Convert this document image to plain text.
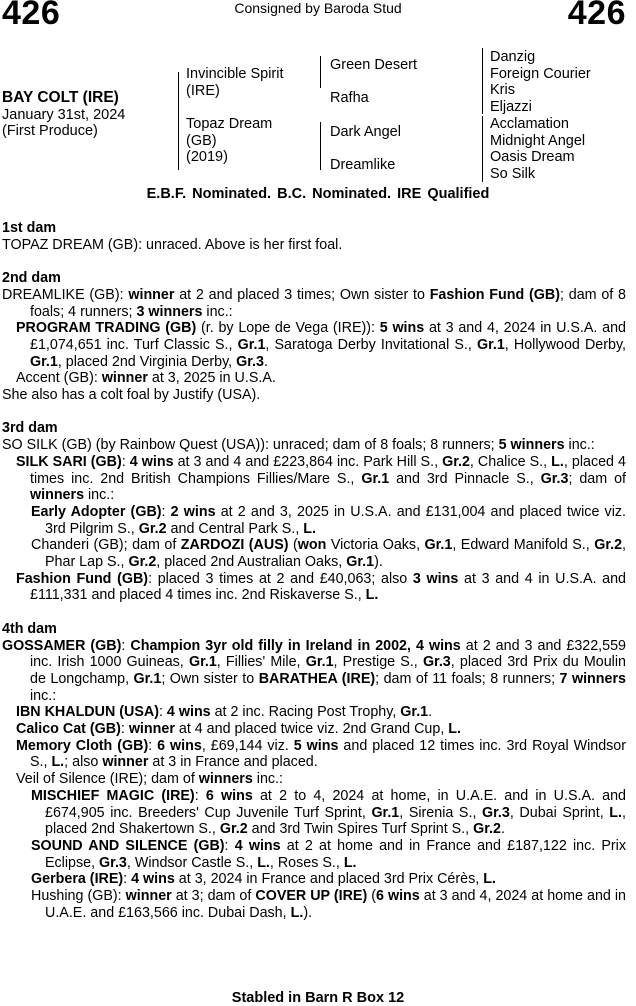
426	Consigned by Baroda Stud	426
BAY COLT (IRE)
January 31st, 2024
(First Produce)
Invincible Spirit
(IRE)
Topaz Dream
(GB)
(2019)
Green Desert
Rafha
Dark Angel
Dreamlike
Danzig
Foreign Courier
Kris
Eljazzi
Acclamation
Midnight Angel
Oasis Dream
So Silk
E.B.F. Nominated. B.C. Nominated. IRE Qualified

1st dam

TOPAZ DREAM (GB): unraced. Above is her first foal.

2nd dam

DREAMLIKE (GB): winner at 2 and placed 3 times; Own sister to Fashion Fund (GB); dam of 8 foals; 4 runners; 3 winners inc.:

PROGRAM TRADING (GB) (r. by Lope de Vega (IRE)): 5 wins at 3 and 4, 2024 in U.S.A. and £1,074,651 inc. Turf Classic S., Gr.1, Saratoga Derby Invitational S., Gr.1, Hollywood Derby, Gr.1, placed 2nd Virginia Derby, Gr.3.

Accent (GB): winner at 3, 2025 in U.S.A.

She also has a colt foal by Justify (USA).

3rd dam

SO SILK (GB) (by Rainbow Quest (USA)): unraced; dam of 8 foals; 8 runners; 5 winners inc.:

SILK SARI (GB): 4 wins at 3 and 4 and £223,864 inc. Park Hill S., Gr.2, Chalice S., L., placed 4 times inc. 2nd British Champions Fillies/Mare S., Gr.1 and 3rd Pinnacle S., Gr.3; dam of winners inc.:

Early Adopter (GB): 2 wins at 2 and 3, 2025 in U.S.A. and £131,004 and placed twice viz. 3rd Pilgrim S., Gr.2 and Central Park S., L.

Chanderi (GB); dam of ZARDOZI (AUS) (won Victoria Oaks, Gr.1, Edward Manifold S., Gr.2, Phar Lap S., Gr.2, placed 2nd Australian Oaks, Gr.1).

Fashion Fund (GB): placed 3 times at 2 and £40,063; also 3 wins at 3 and 4 in U.S.A. and £111,331 and placed 4 times inc. 2nd Riskaverse S., L.

4th dam

GOSSAMER (GB): Champion 3yr old filly in Ireland in 2002, 4 wins at 2 and 3 and £322,559 inc. Irish 1000 Guineas, Gr.1, Fillies' Mile, Gr.1, Prestige S., Gr.3, placed 3rd Prix du Moulin de Longchamp, Gr.1; Own sister to BARATHEA (IRE); dam of 11 foals; 8 runners; 7 winners inc.:

IBN KHALDUN (USA): 4 wins at 2 inc. Racing Post Trophy, Gr.1.

Calico Cat (GB): winner at 4 and placed twice viz. 2nd Grand Cup, L.

Memory Cloth (GB): 6 wins, £69,144 viz. 5 wins and placed 12 times inc. 3rd Royal Windsor S., L.; also winner at 3 in France and placed.

Veil of Silence (IRE); dam of winners inc.:

MISCHIEF MAGIC (IRE): 6 wins at 2 to 4, 2024 at home, in U.A.E. and in U.S.A. and £674,905 inc. Breeders' Cup Juvenile Turf Sprint, Gr.1, Sirenia S., Gr.3, Dubai Sprint, L., placed 2nd Shakertown S., Gr.2 and 3rd Twin Spires Turf Sprint S., Gr.2.

SOUND AND SILENCE (GB): 4 wins at 2 at home and in France and £187,122 inc. Prix Eclipse, Gr.3, Windsor Castle S., L., Roses S., L.

Gerbera (IRE): 4 wins at 3, 2024 in France and placed 3rd Prix Cérès, L.

Hushing (GB): winner at 3; dam of COVER UP (IRE) (6 wins at 3 and 4, 2024 at home and in U.A.E. and £163,566 inc. Dubai Dash, L.).

Stabled in Barn R Box 12
